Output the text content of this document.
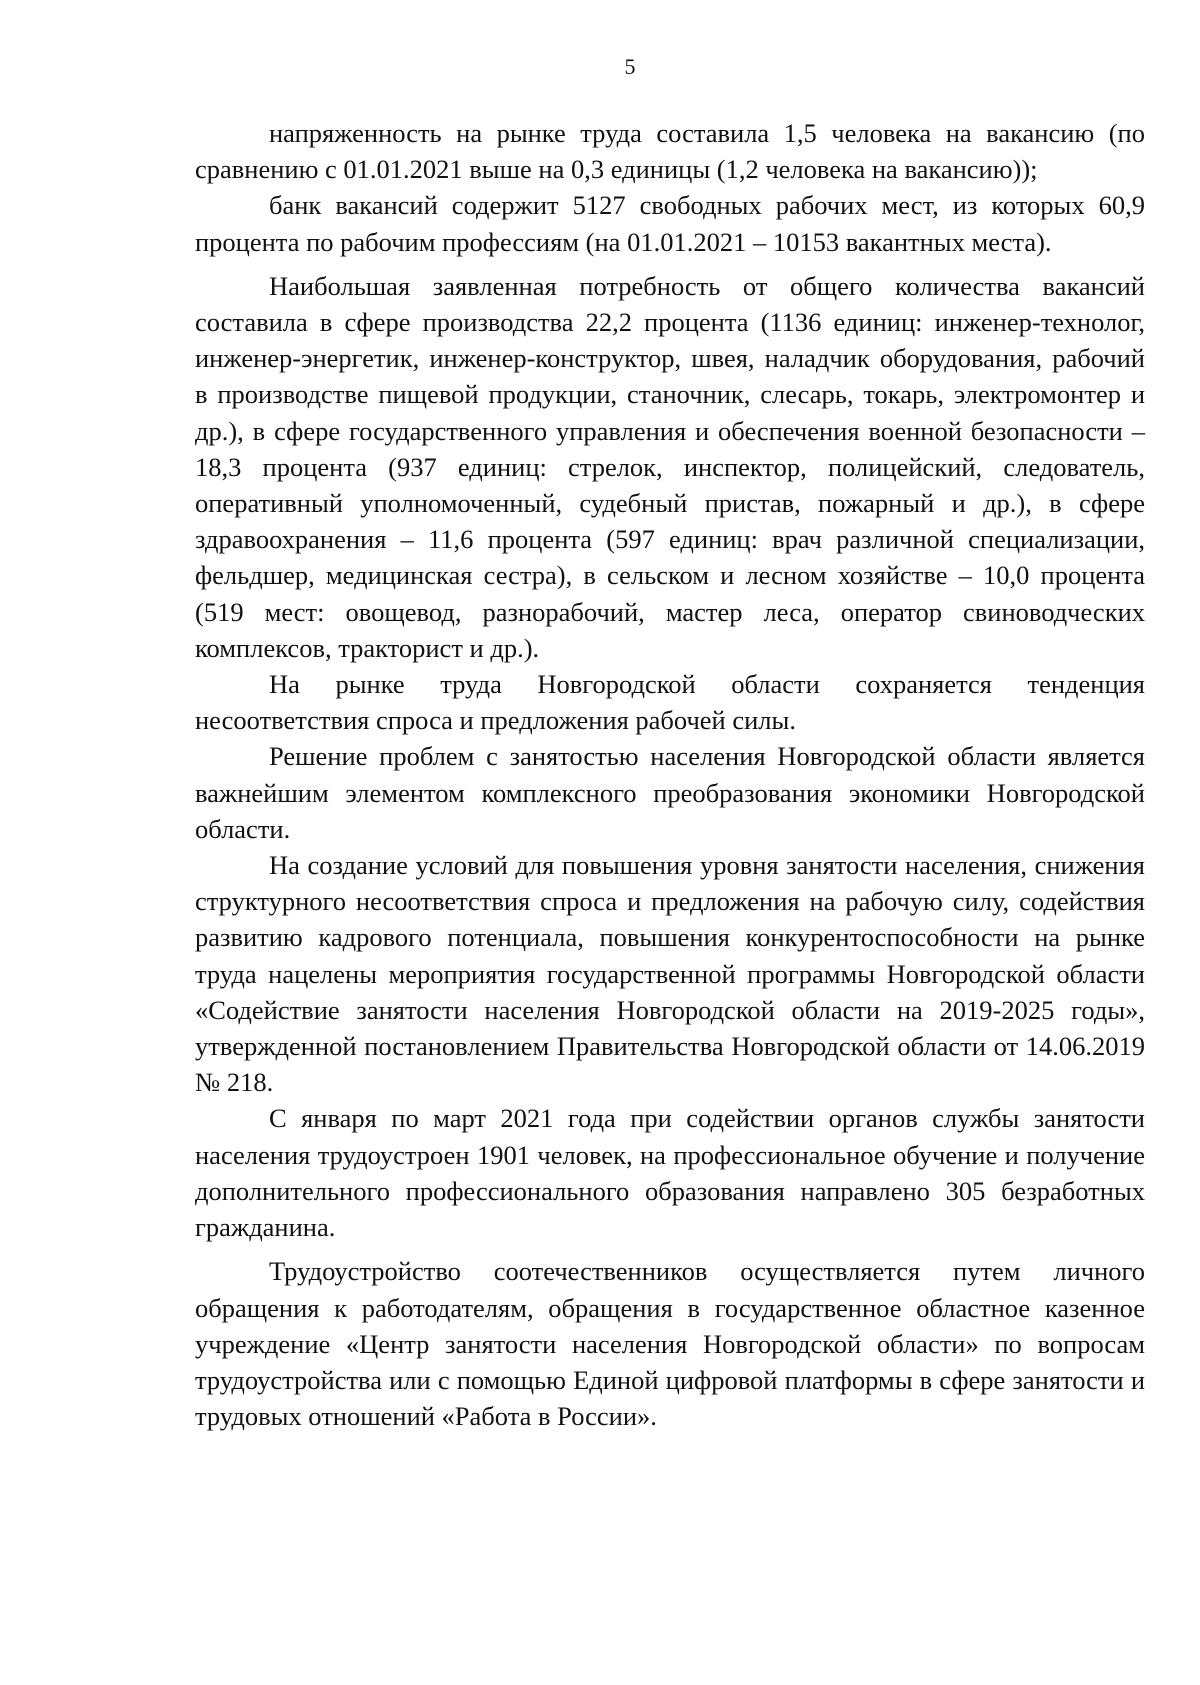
5

напряженность на рынке труда составила 1,5 человека на вакансию (по сравнению с 01.01.2021 выше на 0,3 единицы (1,2 человека на вакансию));

банк вакансий содержит 5127 свободных рабочих мест, из которых 60,9 процента по рабочим профессиям (на 01.01.2021 – 10153 вакантных места).

Наибольшая заявленная потребность от общего количества вакансий составила в сфере производства 22,2 процента (1136 единиц: инженер-технолог, инженер-энергетик, инженер-конструктор, швея, наладчик оборудования, рабочий в производстве пищевой продукции, станочник, слесарь, токарь, электромонтер и др.), в сфере государственного управления и обеспечения военной безопасности – 18,3 процента (937 единиц: стрелок, инспектор, полицейский, следователь, оперативный уполномоченный, судебный пристав, пожарный и др.), в сфере здравоохранения – 11,6 процента (597 единиц: врач различной специализации, фельдшер, медицинская сестра), в сельском и лесном хозяйстве – 10,0 процента (519 мест: овощевод, разнорабочий, мастер леса, оператор свиноводческих комплексов, тракторист и др.).

На рынке труда Новгородской области сохраняется тенденция несоответствия спроса и предложения рабочей силы.

Решение проблем с занятостью населения Новгородской области является важнейшим элементом комплексного преобразования экономики Новгородской области.

На создание условий для повышения уровня занятости населения, снижения структурного несоответствия спроса и предложения на рабочую силу, содействия развитию кадрового потенциала, повышения конкурентоспособности на рынке труда нацелены мероприятия государственной программы Новгородской области «Содействие занятости населения Новгородской области на 2019-2025 годы», утвержденной постановлением Правительства Новгородской области от 14.06.2019 № 218.

С января по март 2021 года при содействии органов службы занятости населения трудоустроен 1901 человек, на профессиональное обучение и получение дополнительного профессионального образования направлено 305 безработных гражданина.

Трудоустройство соотечественников осуществляется путем личного обращения к работодателям, обращения в государственное областное казенное учреждение «Центр занятости населения Новгородской области» по вопросам трудоустройства или с помощью Единой цифровой платформы в сфере занятости и трудовых отношений «Работа в России».
